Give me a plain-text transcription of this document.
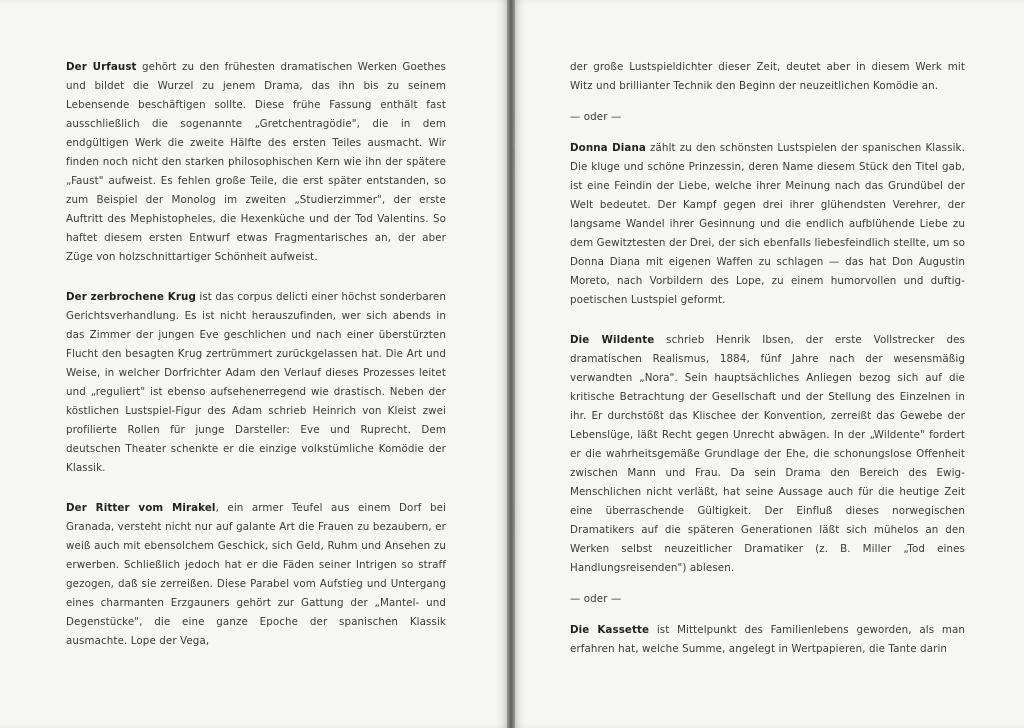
Der Urfaust gehört zu den frühesten dramatischen Werken Goethes und bildet die Wurzel zu jenem Drama, das ihn bis zu seinem Lebensende beschäftigen sollte. Diese frühe Fassung enthält fast ausschließlich die sogenannte „Gretchentragödie", die in dem endgültigen Werk die zweite Hälfte des ersten Teiles ausmacht. Wir finden noch nicht den starken philosophischen Kern wie ihn der spätere „Faust" aufweist. Es fehlen große Teile, die erst später entstanden, so zum Beispiel der Monolog im zweiten „Studierzimmer", der erste Auftritt des Mephistopheles, die Hexenküche und der Tod Valentins. So haftet diesem ersten Entwurf etwas Fragmentarisches an, der aber Züge von holzschnittartiger Schönheit aufweist.

Der zerbrochene Krug ist das corpus delicti einer höchst sonderbaren Gerichtsverhandlung. Es ist nicht herauszufinden, wer sich abends in das Zimmer der jungen Eve geschlichen und nach einer überstürzten Flucht den besagten Krug zertrümmert zurückgelassen hat. Die Art und Weise, in welcher Dorfrichter Adam den Verlauf dieses Prozesses leitet und „reguliert" ist ebenso aufsehenerregend wie drastisch. Neben der köstlichen Lustspiel-Figur des Adam schrieb Heinrich von Kleist zwei profilierte Rollen für junge Darsteller: Eve und Ruprecht. Dem deutschen Theater schenkte er die einzige volkstümliche Komödie der Klassik.

Der Ritter vom Mirakel, ein armer Teufel aus einem Dorf bei Granada, versteht nicht nur auf galante Art die Frauen zu bezaubern, er weiß auch mit ebensolchem Geschick, sich Geld, Ruhm und Ansehen zu erwerben. Schließlich jedoch hat er die Fäden seiner Intrigen so straff gezogen, daß sie zerreißen. Diese Parabel vom Aufstieg und Untergang eines charmanten Erzgauners gehört zur Gattung der „Mantel- und Degenstücke", die eine ganze Epoche der spanischen Klassik ausmachte. Lope der Vega,

der große Lustspieldichter dieser Zeit, deutet aber in diesem Werk mit Witz und brillianter Technik den Beginn der neuzeitlichen Komödie an.

— oder —

Donna Diana zählt zu den schönsten Lustspielen der spanischen Klassik. Die kluge und schöne Prinzessin, deren Name diesem Stück den Titel gab, ist eine Feindin der Liebe, welche ihrer Meinung nach das Grundübel der Welt bedeutet. Der Kampf gegen drei ihrer glühendsten Verehrer, der langsame Wandel ihrer Gesinnung und die endlich aufblühende Liebe zu dem Gewitztesten der Drei, der sich ebenfalls liebesfeindlich stellte, um so Donna Diana mit eigenen Waffen zu schlagen — das hat Don Augustin Moreto, nach Vorbildern des Lope, zu einem humorvollen und duftig-poetischen Lustspiel geformt.

Die Wildente schrieb Henrik Ibsen, der erste Vollstrecker des dramatischen Realismus, 1884, fünf Jahre nach der wesensmäßig verwandten „Nora". Sein hauptsächliches Anliegen bezog sich auf die kritische Betrachtung der Gesellschaft und der Stellung des Einzelnen in ihr. Er durchstößt das Klischee der Konvention, zerreißt das Gewebe der Lebenslüge, läßt Recht gegen Unrecht abwägen. In der „Wildente" fordert er die wahrheitsgemäße Grundlage der Ehe, die schonungslose Offenheit zwischen Mann und Frau. Da sein Drama den Bereich des Ewig-Menschlichen nicht verläßt, hat seine Aussage auch für die heutige Zeit eine überraschende Gültigkeit. Der Einfluß dieses norwegischen Dramatikers auf die späteren Generationen läßt sich mühelos an den Werken selbst neuzeitlicher Dramatiker (z. B. Miller „Tod eines Handlungsreisenden") ablesen.

— oder —

Die Kassette ist Mittelpunkt des Familienlebens geworden, als man erfahren hat, welche Summe, angelegt in Wertpapieren, die Tante darin
